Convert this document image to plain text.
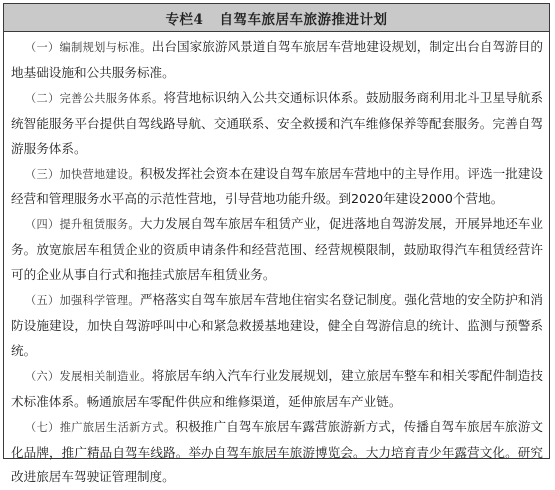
专栏4 自驾车旅居车旅游推进计划

（一）编制规划与标准。出台国家旅游风景道自驾车旅居车营地建设规划，制定出台自驾游目的地基础设施和公共服务标准。

（二）完善公共服务体系。将营地标识纳入公共交通标识体系。鼓励服务商利用北斗卫星导航系统智能服务平台提供自驾线路导航、交通联系、安全救援和汽车维修保养等配套服务。完善自驾游服务体系。

（三）加快营地建设。积极发挥社会资本在建设自驾车旅居车营地中的主导作用。评选一批建设经营和管理服务水平高的示范性营地，引导营地功能升级。到2020年建设2000个营地。

（四）提升租赁服务。大力发展自驾车旅居车租赁产业，促进落地自驾游发展，开展异地还车业务。放宽旅居车租赁企业的资质申请条件和经营范围、经营规模限制，鼓励取得汽车租赁经营许可的企业从事自行式和拖挂式旅居车租赁业务。

（五）加强科学管理。严格落实自驾车旅居车营地住宿实名登记制度。强化营地的安全防护和消防设施建设，加快自驾游呼叫中心和紧急救援基地建设，健全自驾游信息的统计、监测与预警系统。

（六）发展相关制造业。将旅居车纳入汽车行业发展规划，建立旅居车整车和相关零配件制造技术标准体系。畅通旅居车零配件供应和维修渠道，延伸旅居车产业链。

（七）推广旅居生活新方式。积极推广自驾车旅居车露营旅游新方式，传播自驾车旅居车旅游文化品牌，推广精品自驾车线路。举办自驾车旅居车旅游博览会。大力培育青少年露营文化。研究改进旅居车驾驶证管理制度。
